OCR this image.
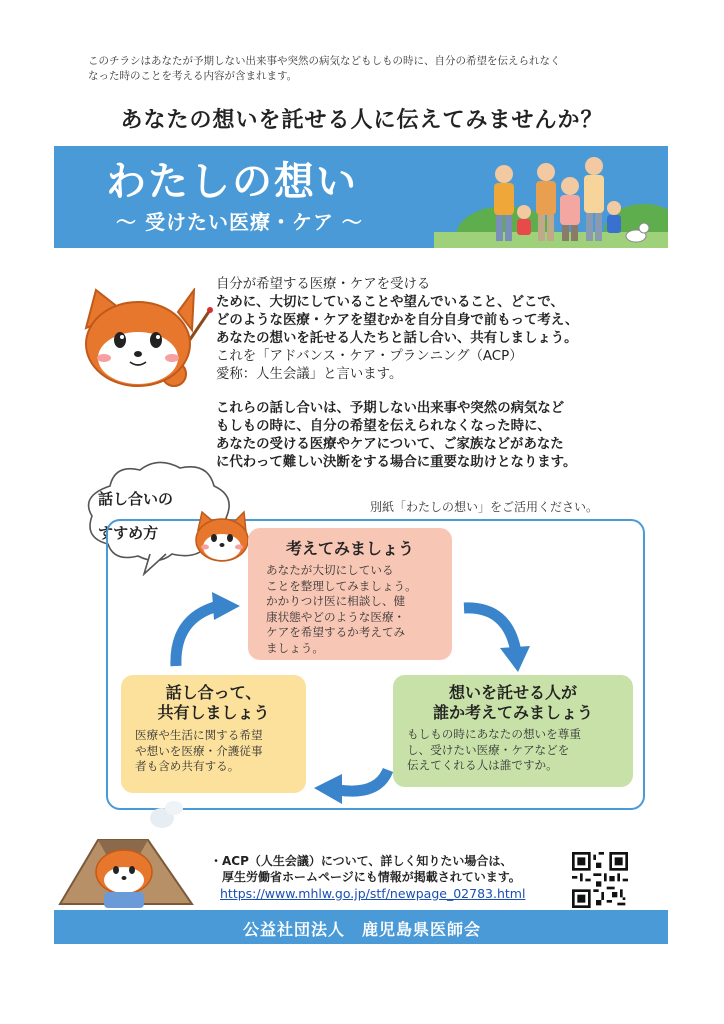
このチラシはあなたが予期しない出来事や突然の病気などもしもの時に、自分の希望を伝えられなく
なった時のことを考える内容が含まれます。
あなたの想いを託せる人に伝えてみませんか？
わたしの想い
〜 受けたい医療・ケア 〜
自分が希望する医療・ケアを受ける
ために、大切にしていることや望んでいること、どこで、
どのような医療・ケアを望むかを自分自身で前もって考え、
あなたの想いを託せる人たちと話し合い、共有しましょう。
これを「アドバンス・ケア・プランニング（ACP）
愛称：人生会議」と言います。
これらの話し合いは、予期しない出来事や突然の病気など
もしもの時に、自分の希望を伝えられなくなった時に、
あなたの受ける医療やケアについて、ご家族などがあなた
に代わって難しい決断をする場合に重要な助けとなります。
話し合いの
すすめ方
別紙「わたしの想い」をご活用ください。
考えてみましょう

あなたが大切にしている
ことを整理してみましょう。
かかりつけ医に相談し、健
康状態やどのような医療・
ケアを希望するか考えてみ
ましょう。

話し合って、
共有しましょう

医療や生活に関する希望
や想いを医療・介護従事
者も含め共有する。

想いを託せる人が
誰か考えてみましょう

もしもの時にあなたの想いを尊重
し、受けたい医療・ケアなどを
伝えてくれる人は誰ですか。

・ACP（人生会議）について、詳しく知りたい場合は、
厚生労働省ホームページにも情報が掲載されています。
https://www.mhlw.go.jp/stf/newpage_02783.html
公益社団法人　鹿児島県医師会
